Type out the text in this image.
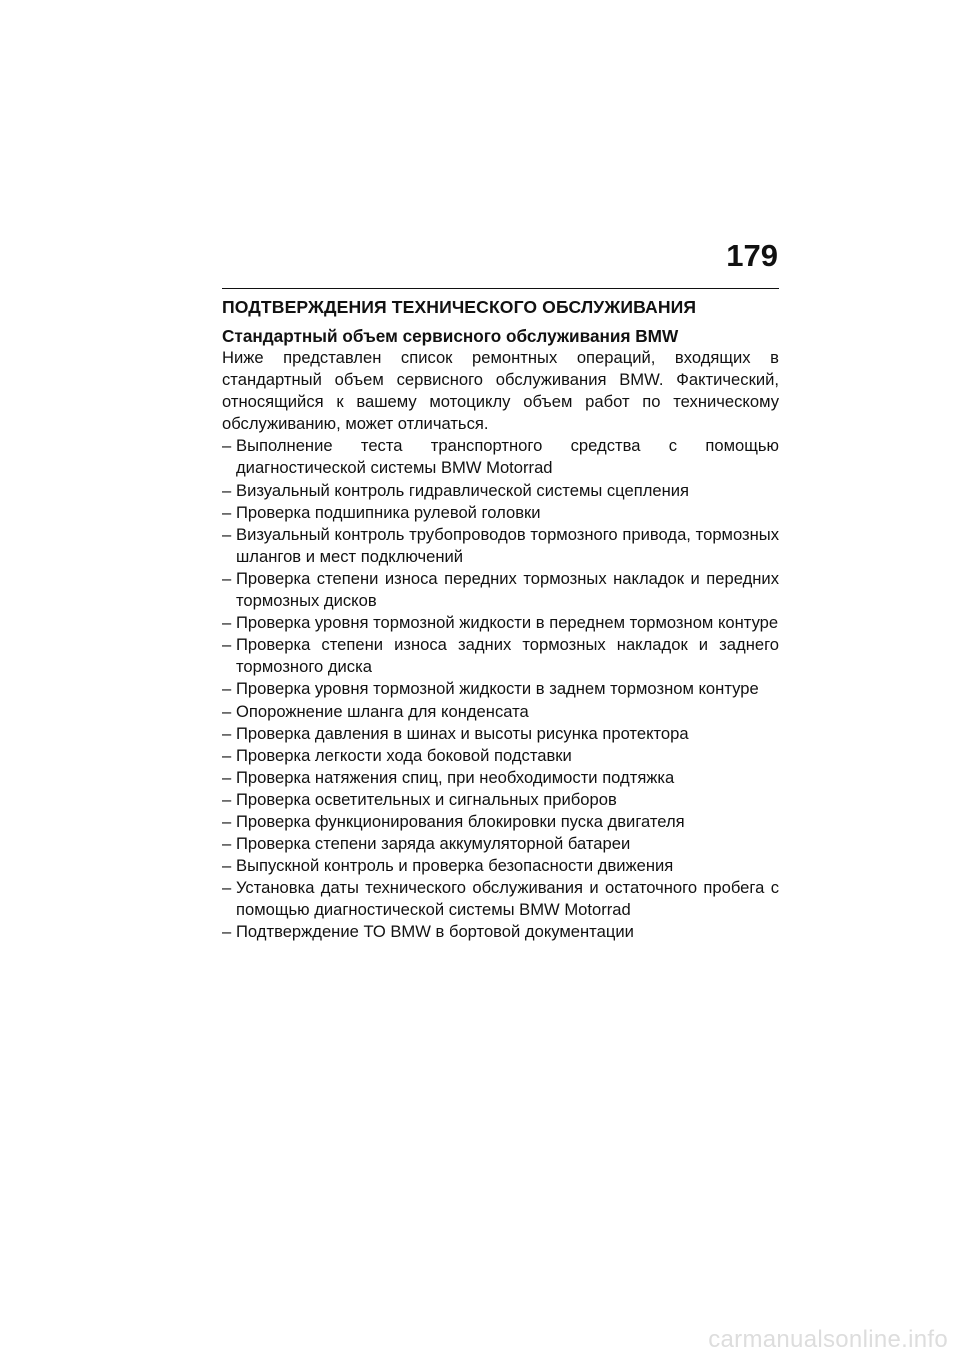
179
ПОДТВЕРЖДЕНИЯ ТЕХНИЧЕСКОГО ОБСЛУЖИВАНИЯ
Стандартный объем сервисного обслуживания BMW

Ниже представлен список ремонтных операций, входящих в стандартный объем сервисного обслуживания BMW. Фактический, относящийся к вашему мотоциклу объем работ по техническому обслуживанию, может отличаться.

– Выполнение теста транспортного средства с помощью диагностической системы BMW Motorrad
– Визуальный контроль гидравлической системы сцепления
– Проверка подшипника рулевой головки
– Визуальный контроль трубопроводов тормозного привода, тормозных шлангов и мест подключений
– Проверка степени износа передних тормозных накладок и передних тормозных дисков
– Проверка уровня тормозной жидкости в переднем тормозном контуре
– Проверка степени износа задних тормозных накладок и заднего тормозного диска
– Проверка уровня тормозной жидкости в заднем тормозном контуре
– Опорожнение шланга для конденсата
– Проверка давления в шинах и высоты рисунка протектора
– Проверка легкости хода боковой подставки
– Проверка натяжения спиц, при необходимости подтяжка
– Проверка осветительных и сигнальных приборов
– Проверка функционирования блокировки пуска двигателя
– Проверка степени заряда аккумуляторной батареи
– Выпускной контроль и проверка безопасности движения
– Установка даты технического обслуживания и остаточного пробега с помощью диагностической системы BMW Motorrad
– Подтверждение ТО BMW в бортовой документации
carmanualsonline.info
